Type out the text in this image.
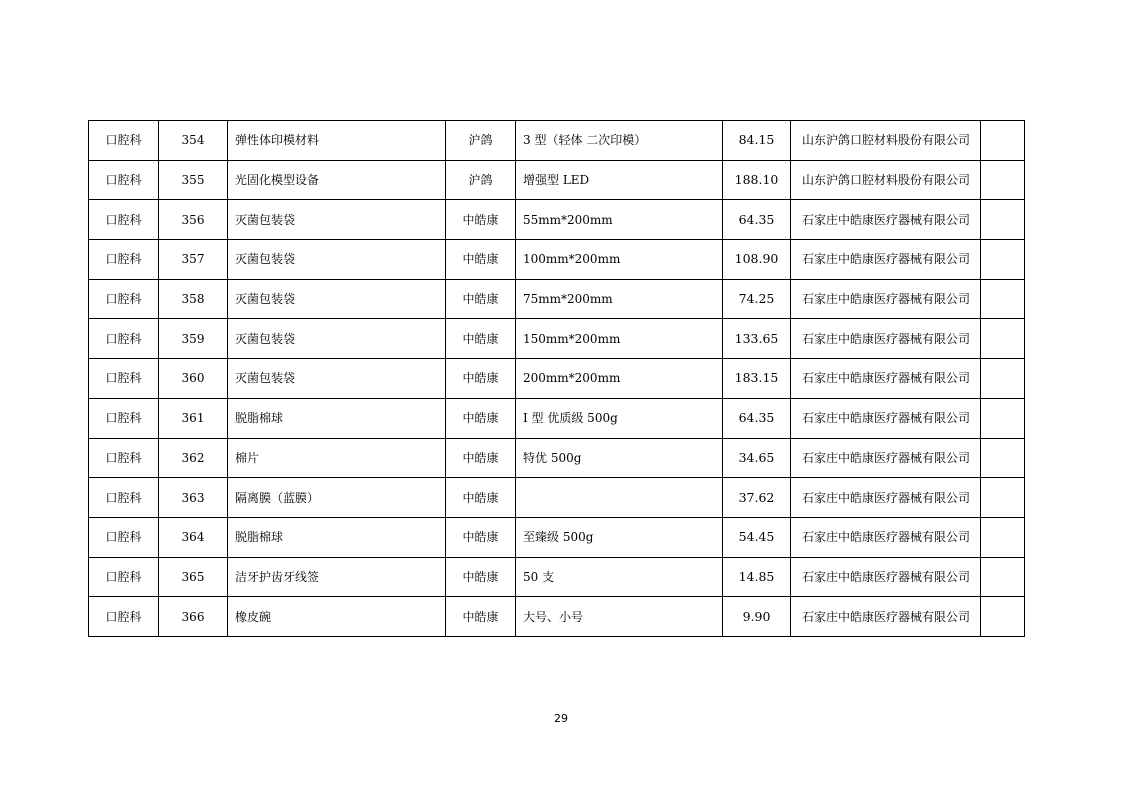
口腔科	354	弹性体印模材料	沪鸽	3 型（轻体 二次印模）	84.15	山东沪鸽口腔材料股份有限公司	
口腔科	355	光固化模型设备	沪鸽	增强型 LED	188.10	山东沪鸽口腔材料股份有限公司	
口腔科	356	灭菌包装袋	中皓康	55mm*200mm	64.35	石家庄中皓康医疗器械有限公司	
口腔科	357	灭菌包装袋	中皓康	100mm*200mm	108.90	石家庄中皓康医疗器械有限公司	
口腔科	358	灭菌包装袋	中皓康	75mm*200mm	74.25	石家庄中皓康医疗器械有限公司	
口腔科	359	灭菌包装袋	中皓康	150mm*200mm	133.65	石家庄中皓康医疗器械有限公司	
口腔科	360	灭菌包装袋	中皓康	200mm*200mm	183.15	石家庄中皓康医疗器械有限公司	
口腔科	361	脱脂棉球	中皓康	I 型 优质级 500g	64.35	石家庄中皓康医疗器械有限公司	
口腔科	362	棉片	中皓康	特优 500g	34.65	石家庄中皓康医疗器械有限公司	
口腔科	363	隔离膜（蓝膜）	中皓康		37.62	石家庄中皓康医疗器械有限公司	
口腔科	364	脱脂棉球	中皓康	至臻级 500g	54.45	石家庄中皓康医疗器械有限公司	
口腔科	365	洁牙护齿牙线签	中皓康	50 支	14.85	石家庄中皓康医疗器械有限公司	
口腔科	366	橡皮碗	中皓康	大号、小号	9.90	石家庄中皓康医疗器械有限公司	
29
